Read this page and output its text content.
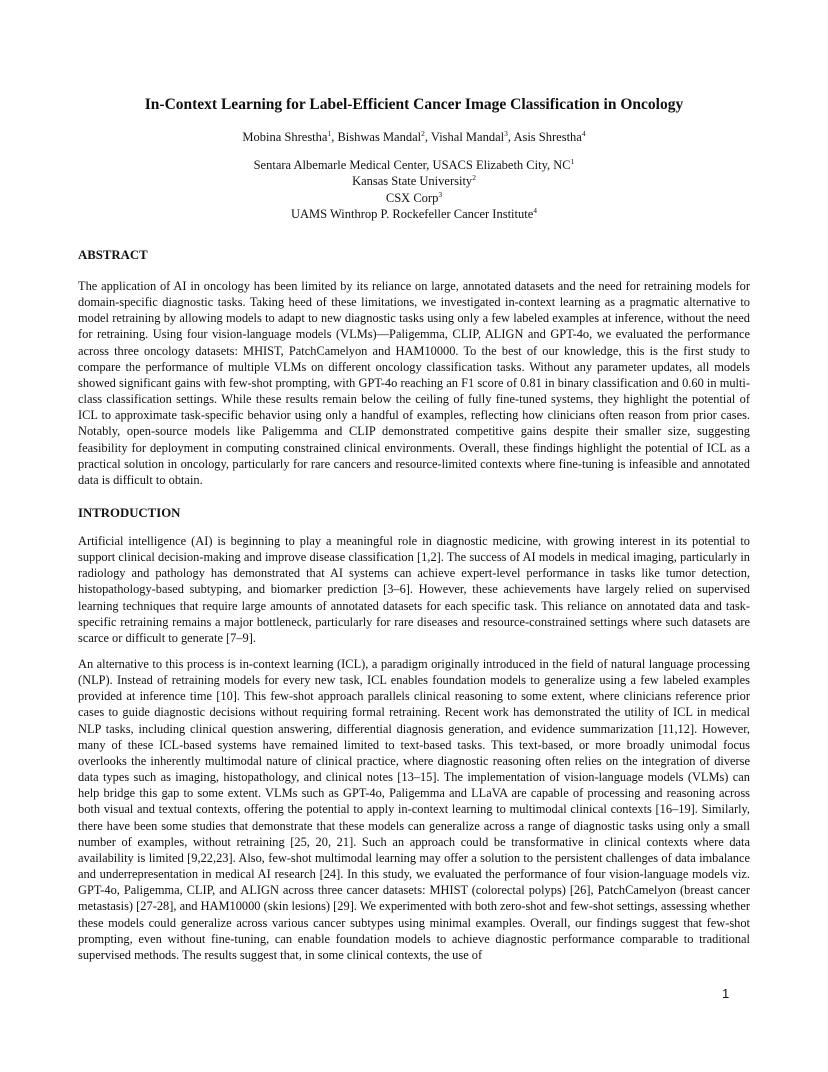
In-Context Learning for Label-Efficient Cancer Image Classification in Oncology
Mobina Shrestha$^1$, Bishwas Mandal$^2$, Vishal Mandal$^3$, Asis Shrestha$^4$
Sentara Albemarle Medical Center, USACS Elizabeth City, $NC^1$
Kansas State University$^2$
CSX Corp$^3$
UAMS Winthrop P. Rockefeller Cancer Institute$^4$
ABSTRACT

The application of AI in oncology has been limited by its reliance on large, annotated datasets and the need for retraining models for domain-specific diagnostic tasks. Taking heed of these limitations, we investigated in-context learning as a pragmatic alternative to model retraining by allowing models to adapt to new diagnostic tasks using only a few labeled examples at inference, without the need for retraining. Using four vision-language models (VLMs)—Paligemma, CLIP, ALIGN and GPT-4o, we evaluated the performance across three oncology datasets: MHIST, PatchCamelyon and HAM10000. To the best of our knowledge, this is the first study to compare the performance of multiple VLMs on different oncology classification tasks. Without any parameter updates, all models showed significant gains with few-shot prompting, with GPT-4o reaching an F1 score of 0.81 in binary classification and 0.60 in multi-class classification settings. While these results remain below the ceiling of fully fine-tuned systems, they highlight the potential of ICL to approximate task-specific behavior using only a handful of examples, reflecting how clinicians often reason from prior cases. Notably, open-source models like Paligemma and CLIP demonstrated competitive gains despite their smaller size, suggesting feasibility for deployment in computing constrained clinical environments. Overall, these findings highlight the potential of ICL as a practical solution in oncology, particularly for rare cancers and resource-limited contexts where fine-tuning is infeasible and annotated data is difficult to obtain.

INTRODUCTION

Artificial intelligence (AI) is beginning to play a meaningful role in diagnostic medicine, with growing interest in its potential to support clinical decision-making and improve disease classification [1,2]. The success of AI models in medical imaging, particularly in radiology and pathology has demonstrated that AI systems can achieve expert-level performance in tasks like tumor detection, histopathology-based subtyping, and biomarker prediction [3–6]. However, these achievements have largely relied on supervised learning techniques that require large amounts of annotated datasets for each specific task. This reliance on annotated data and task-specific retraining remains a major bottleneck, particularly for rare diseases and resource-constrained settings where such datasets are scarce or difficult to generate [7–9].

An alternative to this process is in-context learning (ICL), a paradigm originally introduced in the field of natural language processing (NLP). Instead of retraining models for every new task, ICL enables foundation models to generalize using a few labeled examples provided at inference time [10]. This few-shot approach parallels clinical reasoning to some extent, where clinicians reference prior cases to guide diagnostic decisions without requiring formal retraining. Recent work has demonstrated the utility of ICL in medical NLP tasks, including clinical question answering, differential diagnosis generation, and evidence summarization [11,12]. However, many of these ICL-based systems have remained limited to text-based tasks. This text-based, or more broadly unimodal focus overlooks the inherently multimodal nature of clinical practice, where diagnostic reasoning often relies on the integration of diverse data types such as imaging, histopathology, and clinical notes [13–15]. The implementation of vision-language models (VLMs) can help bridge this gap to some extent. VLMs such as GPT-4o, Paligemma and LLaVA are capable of processing and reasoning across both visual and textual contexts, offering the potential to apply in-context learning to multimodal clinical contexts [16–19]. Similarly, there have been some studies that demonstrate that these models can generalize across a range of diagnostic tasks using only a small number of examples, without retraining [25, 20, 21]. Such an approach could be transformative in clinical contexts where data availability is limited [9,22,23]. Also, few-shot multimodal learning may offer a solution to the persistent challenges of data imbalance and underrepresentation in medical AI research [24]. In this study, we evaluated the performance of four vision-language models viz. GPT-4o, Paligemma, CLIP, and ALIGN across three cancer datasets: MHIST (colorectal polyps) [26], PatchCamelyon (breast cancer metastasis) [27-28], and HAM10000 (skin lesions) [29]. We experimented with both zero-shot and few-shot settings, assessing whether these models could generalize across various cancer subtypes using minimal examples. Overall, our findings suggest that few-shot prompting, even without fine-tuning, can enable foundation models to achieve diagnostic performance comparable to traditional supervised methods. The results suggest that, in some clinical contexts, the use of

1
